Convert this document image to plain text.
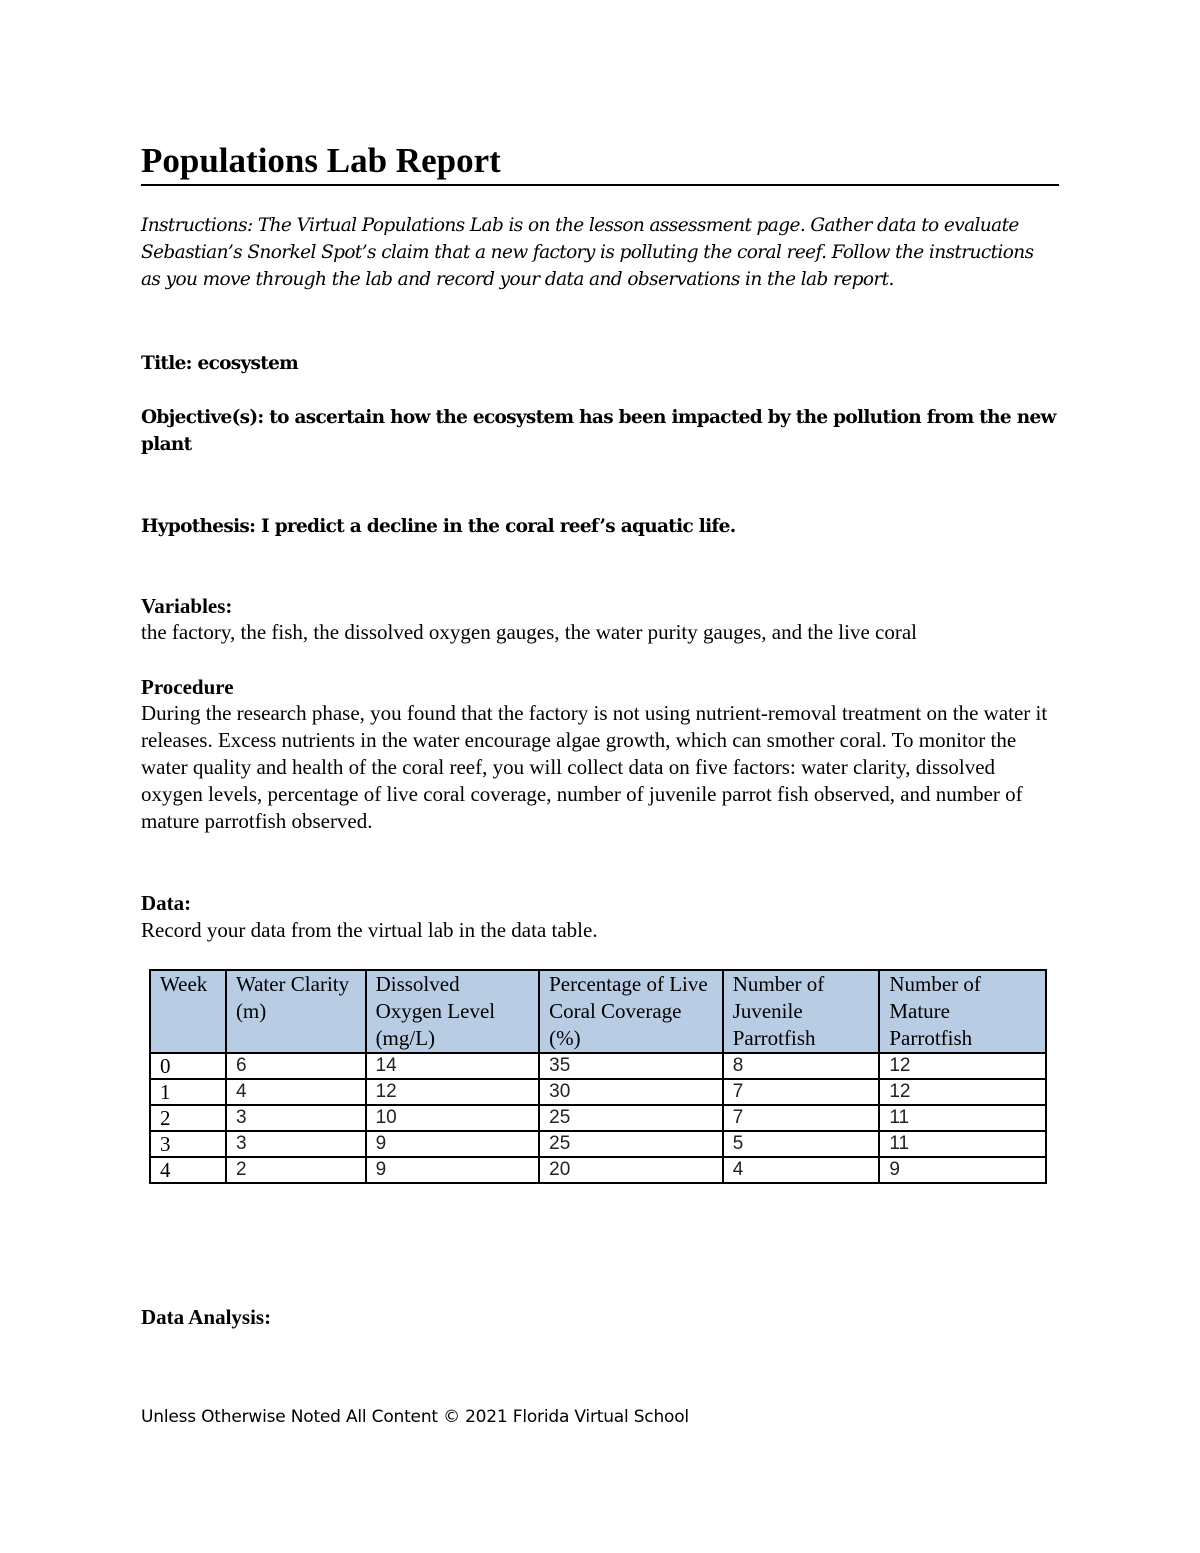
Populations Lab Report
Instructions: The Virtual Populations Lab is on the lesson assessment page. Gather data to evaluate Sebastian’s Snorkel Spot’s claim that a new factory is polluting the coral reef. Follow the instructions as you move through the lab and record your data and observations in the lab report.
Title: ecosystem
Objective(s): to ascertain how the ecosystem has been impacted by the pollution from the new plant
Hypothesis: I predict a decline in the coral reef’s aquatic life.
Variables:
the factory, the fish, the dissolved oxygen gauges, the water purity gauges, and the live coral
Procedure
During the research phase, you found that the factory is not using nutrient-removal treatment on the water it releases. Excess nutrients in the water encourage algae growth, which can smother coral. To monitor the water quality and health of the coral reef, you will collect data on five factors: water clarity, dissolved oxygen levels, percentage of live coral coverage, number of juvenile parrot fish observed, and number of mature parrotfish observed.
Data:
Record your data from the virtual lab in the data table.
Week	Water Clarity (m)	Dissolved Oxygen Level (mg/L)	Percentage of Live Coral Coverage (%)	Number of Juvenile Parrotfish	Number of Mature Parrotfish
0	6	14	35	8	12
1	4	12	30	7	12
2	3	10	25	7	11
3	3	9	25	5	11
4	2	9	20	4	9
Data Analysis:
Unless Otherwise Noted All Content © 2021 Florida Virtual School
